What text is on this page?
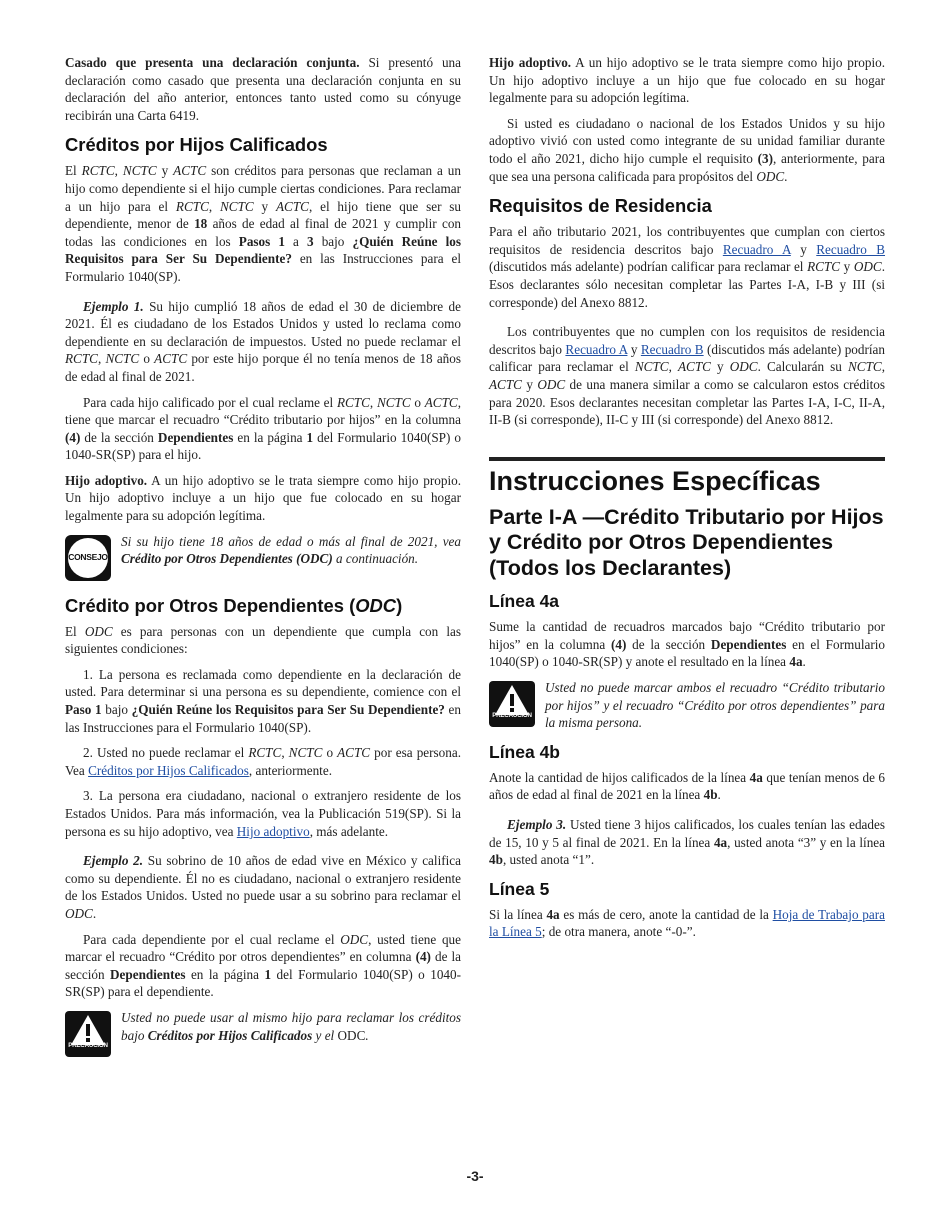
Casado que presenta una declaración conjunta. Si presentó una declaración como casado que presenta una declaración conjunta en su declaración del año anterior, entonces tanto usted como su cónyuge recibirán una Carta 6419.

Créditos por Hijos Calificados

El RCTC, NCTC y ACTC son créditos para personas que reclaman a un hijo como dependiente si el hijo cumple ciertas condiciones. Para reclamar a un hijo para el RCTC, NCTC y ACTC, el hijo tiene que ser su dependiente, menor de 18 años de edad al final de 2021 y cumplir con todas las condiciones en los Pasos 1 a 3 bajo ¿Quién Reúne los Requisitos para Ser Su Dependiente? en las Instrucciones para el Formulario 1040(SP).

Ejemplo 1. Su hijo cumplió 18 años de edad el 30 de diciembre de 2021. Él es ciudadano de los Estados Unidos y usted lo reclama como dependiente en su declaración de impuestos. Usted no puede reclamar el RCTC, NCTC o ACTC por este hijo porque él no tenía menos de 18 años de edad al final de 2021.

Para cada hijo calificado por el cual reclame el RCTC, NCTC o ACTC, tiene que marcar el recuadro “Crédito tributario por hijos” en la columna (4) de la sección Dependientes en la página 1 del Formulario 1040(SP) o 1040-SR(SP) para el hijo.

Hijo adoptivo. A un hijo adoptivo se le trata siempre como hijo propio. Un hijo adoptivo incluye a un hijo que fue colocado en su hogar legalmente para su adopción legítima.

CONSEJO
Si su hijo tiene 18 años de edad o más al final de 2021, vea Crédito por Otros Dependientes (ODC) a continuación.
Crédito por Otros Dependientes (ODC)

El ODC es para personas con un dependiente que cumpla con las siguientes condiciones:

1. La persona es reclamada como dependiente en la declaración de usted. Para determinar si una persona es su dependiente, comience con el Paso 1 bajo ¿Quién Reúne los Requisitos para Ser Su Dependiente? en las Instrucciones para el Formulario 1040(SP).

2. Usted no puede reclamar el RCTC, NCTC o ACTC por esa persona. Vea Créditos por Hijos Calificados, anteriormente.

3. La persona era ciudadano, nacional o extranjero residente de los Estados Unidos. Para más información, vea la Publicación 519(SP). Si la persona es su hijo adoptivo, vea Hijo adoptivo, más adelante.

Ejemplo 2. Su sobrino de 10 años de edad vive en México y califica como su dependiente. Él no es ciudadano, nacional o extranjero residente de los Estados Unidos. Usted no puede usar a su sobrino para reclamar el ODC.

Para cada dependiente por el cual reclame el ODC, usted tiene que marcar el recuadro “Crédito por otros dependientes” en columna (4) de la sección Dependientes en la página 1 del Formulario 1040(SP) o 1040-SR(SP) para el dependiente.

PRECAUCIÓN
Usted no puede usar al mismo hijo para reclamar los créditos bajo Créditos por Hijos Calificados y el ODC.

Hijo adoptivo. A un hijo adoptivo se le trata siempre como hijo propio. Un hijo adoptivo incluye a un hijo que fue colocado en su hogar legalmente para su adopción legítima.

Si usted es ciudadano o nacional de los Estados Unidos y su hijo adoptivo vivió con usted como integrante de su unidad familiar durante todo el año 2021, dicho hijo cumple el requisito (3), anteriormente, para que sea una persona calificada para propósitos del ODC.

Requisitos de Residencia

Para el año tributario 2021, los contribuyentes que cumplan con ciertos requisitos de residencia descritos bajo Recuadro A y Recuadro B (discutidos más adelante) podrían calificar para reclamar el RCTC y ODC. Esos declarantes sólo necesitan completar las Partes I-A, I-B y III (si corresponde) del Anexo 8812.

Los contribuyentes que no cumplen con los requisitos de residencia descritos bajo Recuadro A y Recuadro B (discutidos más adelante) podrían calificar para reclamar el NCTC, ACTC y ODC. Calcularán su NCTC, ACTC y ODC de una manera similar a como se calcularon estos créditos para 2020. Esos declarantes necesitan completar las Partes I-A, I-C, II-A, II-B (si corresponde), II-C y III (si corresponde) del Anexo 8812.

Instrucciones Específicas
Parte I-A —Crédito Tributario por Hijos y Crédito por Otros Dependientes (Todos los Declarantes)
Línea 4a

Sume la cantidad de recuadros marcados bajo “Crédito tributario por hijos” en la columna (4) de la sección Dependientes en el Formulario 1040(SP) o 1040-SR(SP) y anote el resultado en la línea 4a.

PRECAUCIÓN
Usted no puede marcar ambos el recuadro “Crédito tributario por hijos” y el recuadro “Crédito por otros dependientes” para la misma persona.
Línea 4b

Anote la cantidad de hijos calificados de la línea 4a que tenían menos de 6 años de edad al final de 2021 en la línea 4b.

Ejemplo 3. Usted tiene 3 hijos calificados, los cuales tenían las edades de 15, 10 y 5 al final de 2021. En la línea 4a, usted anota “3” y en la línea 4b, usted anota “1”.

Línea 5

Si la línea 4a es más de cero, anote la cantidad de la Hoja de Trabajo para la Línea 5; de otra manera, anote “-0-”.

-3-
